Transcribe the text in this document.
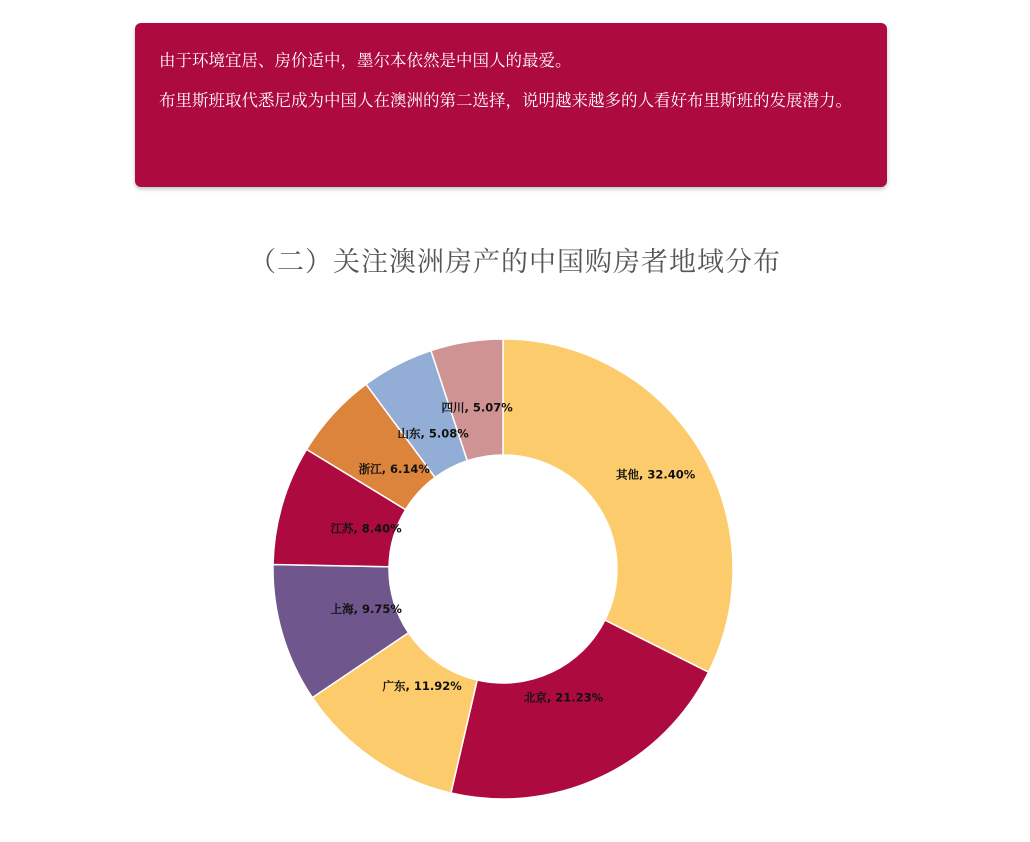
由于环境宜居、房价适中，墨尔本依然是中国人的最爱。
布里斯班取代悉尼成为中国人在澳洲的第二选择，说明越来越多的人看好布里斯班的发展潜力。
（二）关注澳洲房产的中国购房者地域分布
其他, 32.40%
北京, 21.23%
广东, 11.92%
上海, 9.75%
江苏, 8.40%
浙江, 6.14%
山东, 5.08%
四川, 5.07%
